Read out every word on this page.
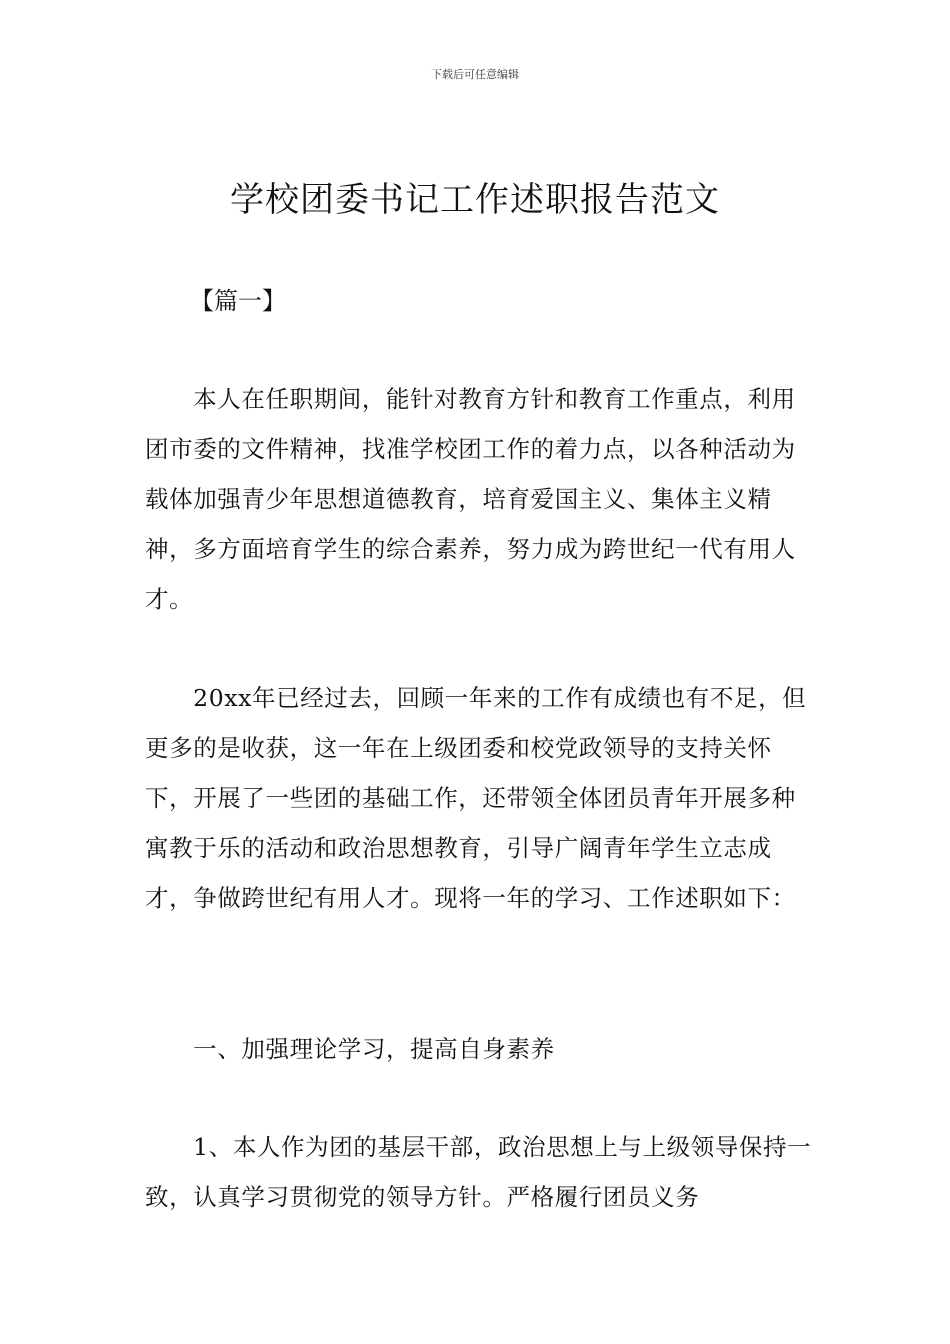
下载后可任意编辑
学校团委书记工作述职报告范文
【篇一】

本人在任职期间，能针对教育方针和教育工作重点，利用团市委的文件精神，找准学校团工作的着力点，以各种活动为载体加强青少年思想道德教育，培育爱国主义、集体主义精神，多方面培育学生的综合素养，努力成为跨世纪一代有用人才。

20xx年已经过去，回顾一年来的工作有成绩也有不足，但更多的是收获，这一年在上级团委和校党政领导的支持关怀下，开展了一些团的基础工作，还带领全体团员青年开展多种寓教于乐的活动和政治思想教育，引导广阔青年学生立志成才，争做跨世纪有用人才。现将一年的学习、工作述职如下：

一、加强理论学习，提高自身素养

1、本人作为团的基层干部，政治思想上与上级领导保持一致，认真学习贯彻党的领导方针。严格履行团员义务
